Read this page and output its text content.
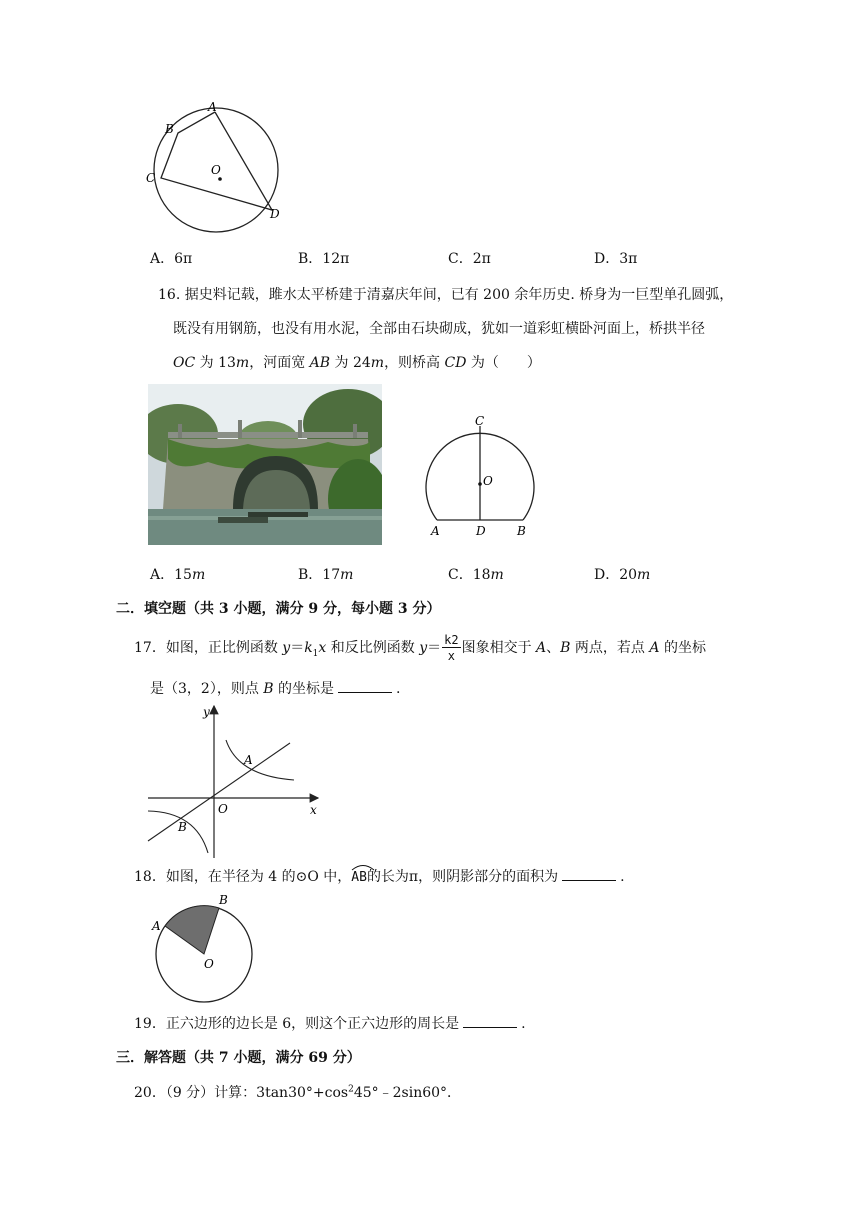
A
B
C
D
O
A．6π	B．12π	C．2π	D．3π
16. 据史料记载，雎水太平桥建于清嘉庆年间，已有 200 余年历史. 桥身为一巨型单孔圆弧，
既没有用钢筋，也没有用水泥，全部由石块砌成，犹如一道彩虹横卧河面上，桥拱半径
OC 为 13m，河面宽 AB 为 24m，则桥高 CD 为（　　）
C
O
A	D	B
A．15m	B．17m	C．18m	D．20m
二．填空题（共 3 小题，满分 9 分，每小题 3 分）
17．如图，正比例函数 $y=k_1x$ 和反比例函数 $y= \frac{k2}{x}$ 图象相交于 A、B 两点，若点 A 的坐标
是（3，2），则点 B 的坐标是	.
y
x
O
A
B
18．如图，在半径为 4 的⊙O 中，
AB的长为π，则阴影部分的面积为	.
A
B
O
19．正六边形的边长是 6，则这个正六边形的周长是	.
三．解答题（共 7 小题，满分 69 分）
20．（9 分）计算：$3\tan 30^\circ+\cos^245^\circ﹣2\sin 60^\circ$．
